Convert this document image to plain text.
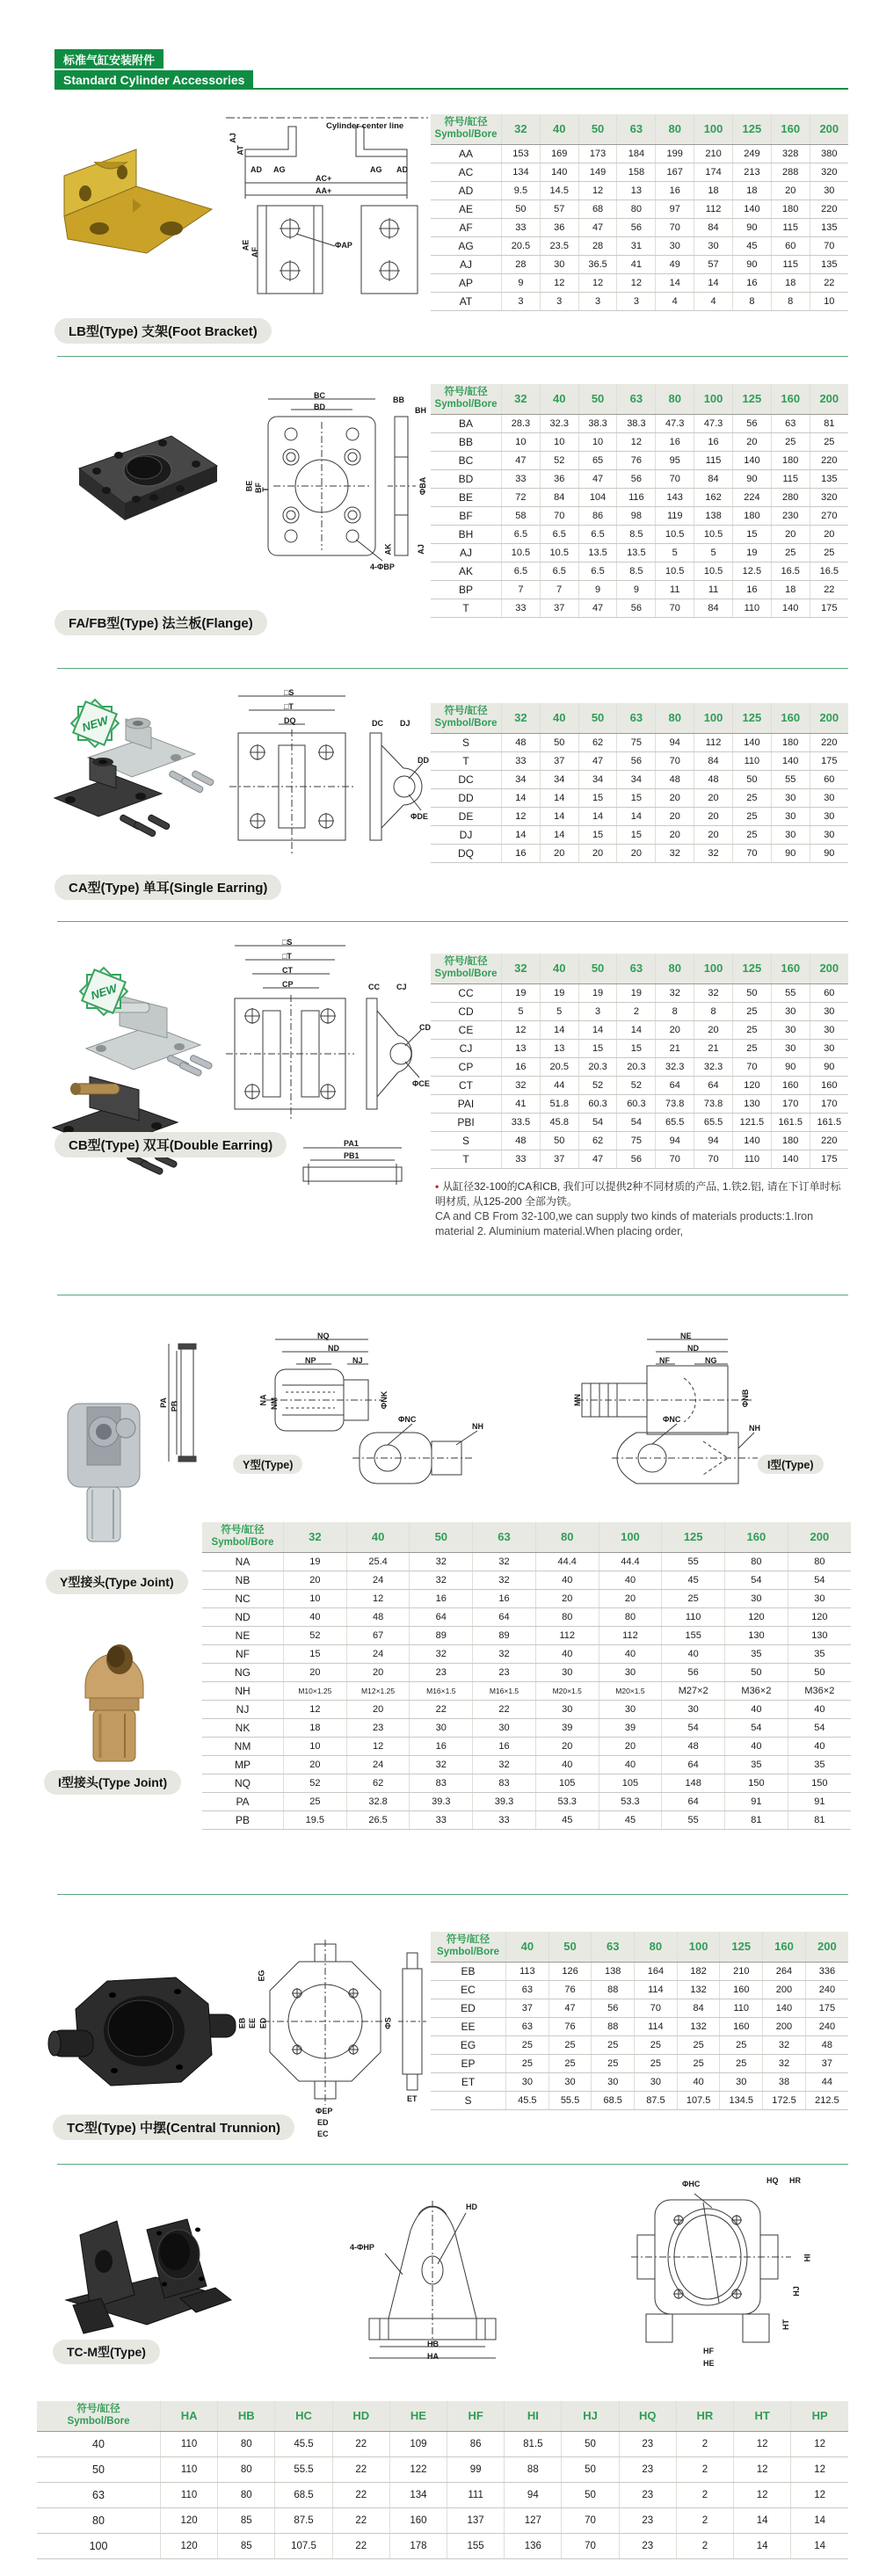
标准气缸安装附件
Standard Cylinder Accessories
Cylinder center line
AJ
AT
AD AG
AC+
AA+
AE
AF
ΦAP
AG AD
符号/缸径
Symbol/Bore	32	40	50	63	80	100	125	160	200
AA	153	169	173	184	199	210	249	328	380
AC	134	140	149	158	167	174	213	288	320
AD	9.5	14.5	12	13	16	18	18	20	30
AE	50	57	68	80	97	112	140	180	220
AF	33	36	47	56	70	84	90	115	135
AG	20.5	23.5	28	31	30	30	45	60	70
AJ	28	30	36.5	41	49	57	90	115	135
AP	9	12	12	12	14	14	16	18	22
AT	3	3	3	3	4	4	8	8	10
LB型(Type) 支架(Foot Bracket)
BC
BD
BE BF
T
4-ΦBP
BB
BH
ΦBA
AK	AJ
符号/缸径
Symbol/Bore	32	40	50	63	80	100	125	160	200
BA	28.3	32.3	38.3	38.3	47.3	47.3	56	63	81
BB	10	10	10	12	16	16	20	25	25
BC	47	52	65	76	95	115	140	180	220
BD	33	36	47	56	70	84	90	115	135
BE	72	84	104	116	143	162	224	280	320
BF	58	70	86	98	119	138	180	230	270
BH	6.5	6.5	6.5	8.5	10.5	10.5	15	20	20
AJ	10.5	10.5	13.5	13.5	5	5	19	25	25
AK	6.5	6.5	6.5	8.5	10.5	10.5	12.5	16.5	16.5
BP	7	7	9	9	11	11	16	18	22
T	33	37	47	56	70	84	110	140	175
FA/FB型(Type) 法兰板(Flange)
NEW
□S
□T
DQ	DC DJ
DD
ΦDE
符号/缸径
Symbol/Bore	32	40	50	63	80	100	125	160	200
S	48	50	62	75	94	112	140	180	220
T	33	37	47	56	70	84	110	140	175
DC	34	34	34	34	48	48	50	55	60
DD	14	14	15	15	20	20	25	30	30
DE	12	14	14	14	20	20	25	30	30
DJ	14	14	15	15	20	20	25	30	30
DQ	16	20	20	20	32	32	70	90	90
CA型(Type) 单耳(Single Earring)
NEW
□S
□T
CT
CP	CC CJ
CD
ΦCE
PA1
PB1
符号/缸径
Symbol/Bore	32	40	50	63	80	100	125	160	200
CC	19	19	19	19	32	32	50	55	60
CD	5	5	3	2	8	8	25	30	30
CE	12	14	14	14	20	20	25	30	30
CJ	13	13	15	15	21	21	25	30	30
CP	16	20.5	20.3	20.3	32.3	32.3	70	90	90
CT	32	44	52	52	64	64	120	160	160
PAI	41	51.8	60.3	60.3	73.8	73.8	130	170	170
PBI	33.5	45.8	54	54	65.5	65.5	121.5	161.5	161.5
S	48	50	62	75	94	94	140	180	220
T	33	37	47	56	70	70	110	140	175
• 从缸径32-100的CA和CB, 我们可以提供2种不同材质的产品, 1.铁2.铝, 请在下订单时标明材质, 从125-200 全部为铁。
CA and CB From 32-100,we can supply two kinds of materials products:1.Iron material 2. Aluminium material.When placing order,
CB型(Type) 双耳(Double Earring)
PA PB
NQ
ND
NP	NJ
NA NM	ΦNK
ΦNC
NH
Y型(Type)
NE
ND
NF	NG
MN	ΦNB
ΦNC
NH
I型(Type)
Y型接头(Type Joint)
I型接头(Type Joint)
符号/缸径
Symbol/Bore	32	40	50	63	80	100	125	160	200
NA	19	25.4	32	32	44.4	44.4	55	80	80
NB	20	24	32	32	40	40	45	54	54
NC	10	12	16	16	20	20	25	30	30
ND	40	48	64	64	80	80	110	120	120
NE	52	67	89	89	112	112	155	130	130
NF	15	24	32	32	40	40	40	35	35
NG	20	20	23	23	30	30	56	50	50
NH	M10×1.25	M12×1.25	M16×1.5	M16×1.5	M20×1.5	M20×1.5	M27×2	M36×2	M36×2
NJ	12	20	22	22	30	30	30	40	40
NK	18	23	30	30	39	39	54	54	54
NM	10	12	16	16	20	20	48	40	40
MP	20	24	32	32	40	40	64	35	35
NQ	52	62	83	83	105	105	148	150	150
PA	25	32.8	39.3	39.3	53.3	53.3	64	91	91
PB	19.5	26.5	33	33	45	45	55	81	81
EG
EB EE ED	ΦS
ΦEP
ED
EC
ET
符号/缸径
Symbol/Bore	40	50	63	80	100	125	160	200
EB	113	126	138	164	182	210	264	336
EC	63	76	88	114	132	160	200	240
ED	37	47	56	70	84	110	140	175
EE	63	76	88	114	132	160	200	240
EG	25	25	25	25	25	25	32	48
EP	25	25	25	25	25	25	32	37
ET	30	30	30	30	40	30	38	44
S	45.5	55.5	68.5	87.5	107.5	134.5	172.5	212.5
TC型(Type) 中摆(Central Trunnion)
HD
4-ΦHP
HB
HA
ΦHC	HQ HR
HI
HJ
HT
HF
HE
TC-M型(Type)
符号/缸径
Symbol/Bore	HA	HB	HC	HD	HE	HF	HI	HJ	HQ	HR	HT	HP
40	110	80	45.5	22	109	86	81.5	50	23	2	12	12
50	110	80	55.5	22	122	99	88	50	23	2	12	12
63	110	80	68.5	22	134	111	94	50	23	2	12	12
80	120	85	87.5	22	160	137	127	70	23	2	14	14
100	120	85	107.5	22	178	155	136	70	23	2	14	14
